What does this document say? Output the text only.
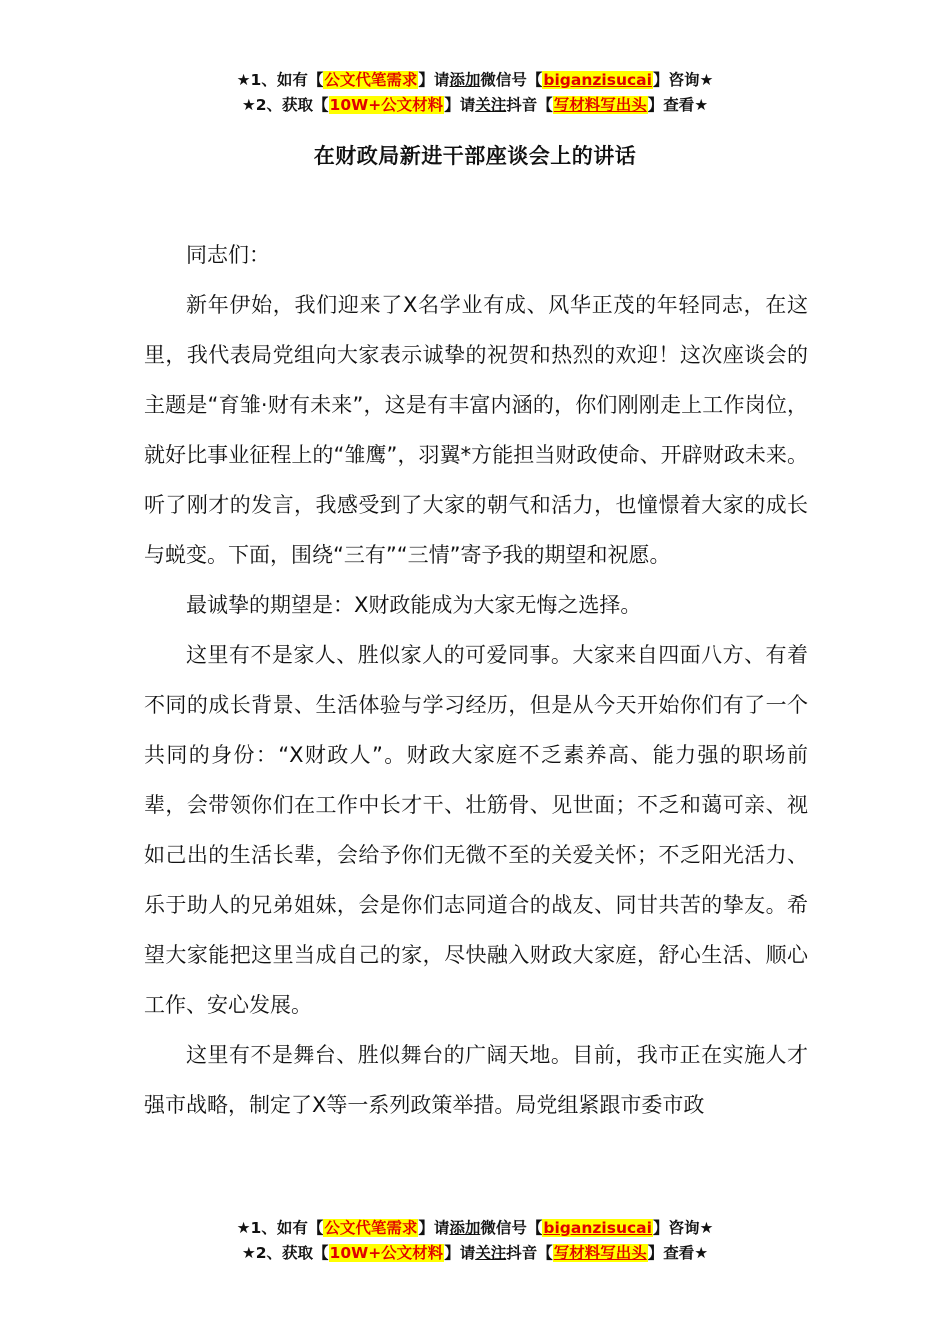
★1、如有【公文代笔需求】请添加微信号【biganzisucai】咨询★
★2、获取【10W+公文材料】请关注抖音【写材料写出头】查看★
在财政局新进干部座谈会上的讲话

同志们：

新年伊始，我们迎来了X名学业有成、风华正茂的年轻同志，在这里，我代表局党组向大家表示诚挚的祝贺和热烈的欢迎！这次座谈会的主题是“育雏·财有未来”，这是有丰富内涵的，你们刚刚走上工作岗位，就好比事业征程上的“雏鹰”，羽翼*方能担当财政使命、开辟财政未来。听了刚才的发言，我感受到了大家的朝气和活力，也憧憬着大家的成长与蜕变。下面，围绕“三有”“三情”寄予我的期望和祝愿。

最诚挚的期望是：X财政能成为大家无悔之选择。

这里有不是家人、胜似家人的可爱同事。大家来自四面八方、有着不同的成长背景、生活体验与学习经历，但是从今天开始你们有了一个共同的身份：“X财政人”。财政大家庭不乏素养高、能力强的职场前辈，会带领你们在工作中长才干、壮筋骨、见世面；不乏和蔼可亲、视如己出的生活长辈，会给予你们无微不至的关爱关怀；不乏阳光活力、乐于助人的兄弟姐妹，会是你们志同道合的战友、同甘共苦的挚友。希望大家能把这里当成自己的家，尽快融入财政大家庭，舒心生活、顺心工作、安心发展。

这里有不是舞台、胜似舞台的广阔天地。目前，我市正在实施人才强市战略，制定了X等一系列政策举措。局党组紧跟市委市政

★1、如有【公文代笔需求】请添加微信号【biganzisucai】咨询★
★2、获取【10W+公文材料】请关注抖音【写材料写出头】查看★
